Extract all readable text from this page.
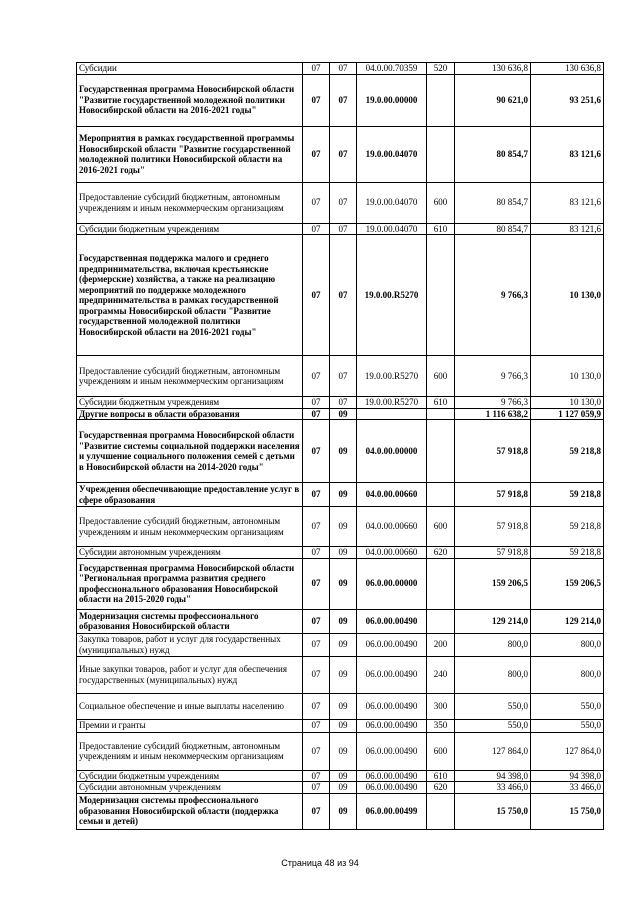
Субсидии	07	07	04.0.00.70359	520	130 636,8	130 636,8
Государственная программа Новосибирской области "Развитие государственной молодежной политики Новосибирской области на 2016-2021 годы"	07	07	19.0.00.00000		90 621,0	93 251,6
Мероприятия в рамках государственной программы Новосибирской области "Развитие государственной молодежной политики Новосибирской области на 2016-2021 годы"	07	07	19.0.00.04070		80 854,7	83 121,6
Предоставление субсидий бюджетным, автономным учреждениям и иным некоммерческим организациям	07	07	19.0.00.04070	600	80 854,7	83 121,6
Субсидии бюджетным учреждениям	07	07	19.0.00.04070	610	80 854,7	83 121,6
Государственная поддержка малого и среднего предпринимательства, включая крестьянские (фермерские) хозяйства, а также на реализацию мероприятий по поддержке молодежного предпринимательства в рамках государственной программы Новосибирской области "Развитие государственной молодежной политики Новосибирской области на 2016-2021 годы"	07	07	19.0.00.R5270		9 766,3	10 130,0
Предоставление субсидий бюджетным, автономным учреждениям и иным некоммерческим организациям	07	07	19.0.00.R5270	600	9 766,3	10 130,0
Субсидии бюджетным учреждениям	07	07	19.0.00.R5270	610	9 766,3	10 130,0
Другие вопросы в области образования	07	09			1 116 638,2	1 127 059,9
Государственная программа Новосибирской области "Развитие системы социальной поддержки населения и улучшение социального положения семей с детьми в Новосибирской области на 2014-2020 годы"	07	09	04.0.00.00000		57 918,8	59 218,8
Учреждения обеспечивающие предоставление услуг в сфере образования	07	09	04.0.00.00660		57 918,8	59 218,8
Предоставление субсидий бюджетным, автономным учреждениям и иным некоммерческим организациям	07	09	04.0.00.00660	600	57 918,8	59 218,8
Субсидии автономным учреждениям	07	09	04.0.00.00660	620	57 918,8	59 218,8
Государственная программа Новосибирской области "Региональная программа развития среднего профессионального образования Новосибирской области на 2015-2020 годы"	07	09	06.0.00.00000		159 206,5	159 206,5
Модернизация системы профессионального образования Новосибирской области	07	09	06.0.00.00490		129 214,0	129 214,0
Закупка товаров, работ и услуг для государственных (муниципальных) нужд	07	09	06.0.00.00490	200	800,0	800,0
Иные закупки товаров, работ и услуг для обеспечения государственных (муниципальных) нужд	07	09	06.0.00.00490	240	800,0	800,0
Социальное обеспечение и иные выплаты населению	07	09	06.0.00.00490	300	550,0	550,0
Премии и гранты	07	09	06.0.00.00490	350	550,0	550,0
Предоставление субсидий бюджетным, автономным учреждениям и иным некоммерческим организациям	07	09	06.0.00.00490	600	127 864,0	127 864,0
Субсидии бюджетным учреждениям	07	09	06.0.00.00490	610	94 398,0	94 398,0
Субсидии автономным учреждениям	07	09	06.0.00.00490	620	33 466,0	33 466,0
Модернизация системы профессионального образования Новосибирской области (поддержка семьи и детей)	07	09	06.0.00.00499		15 750,0	15 750,0
Страница 48 из 94
